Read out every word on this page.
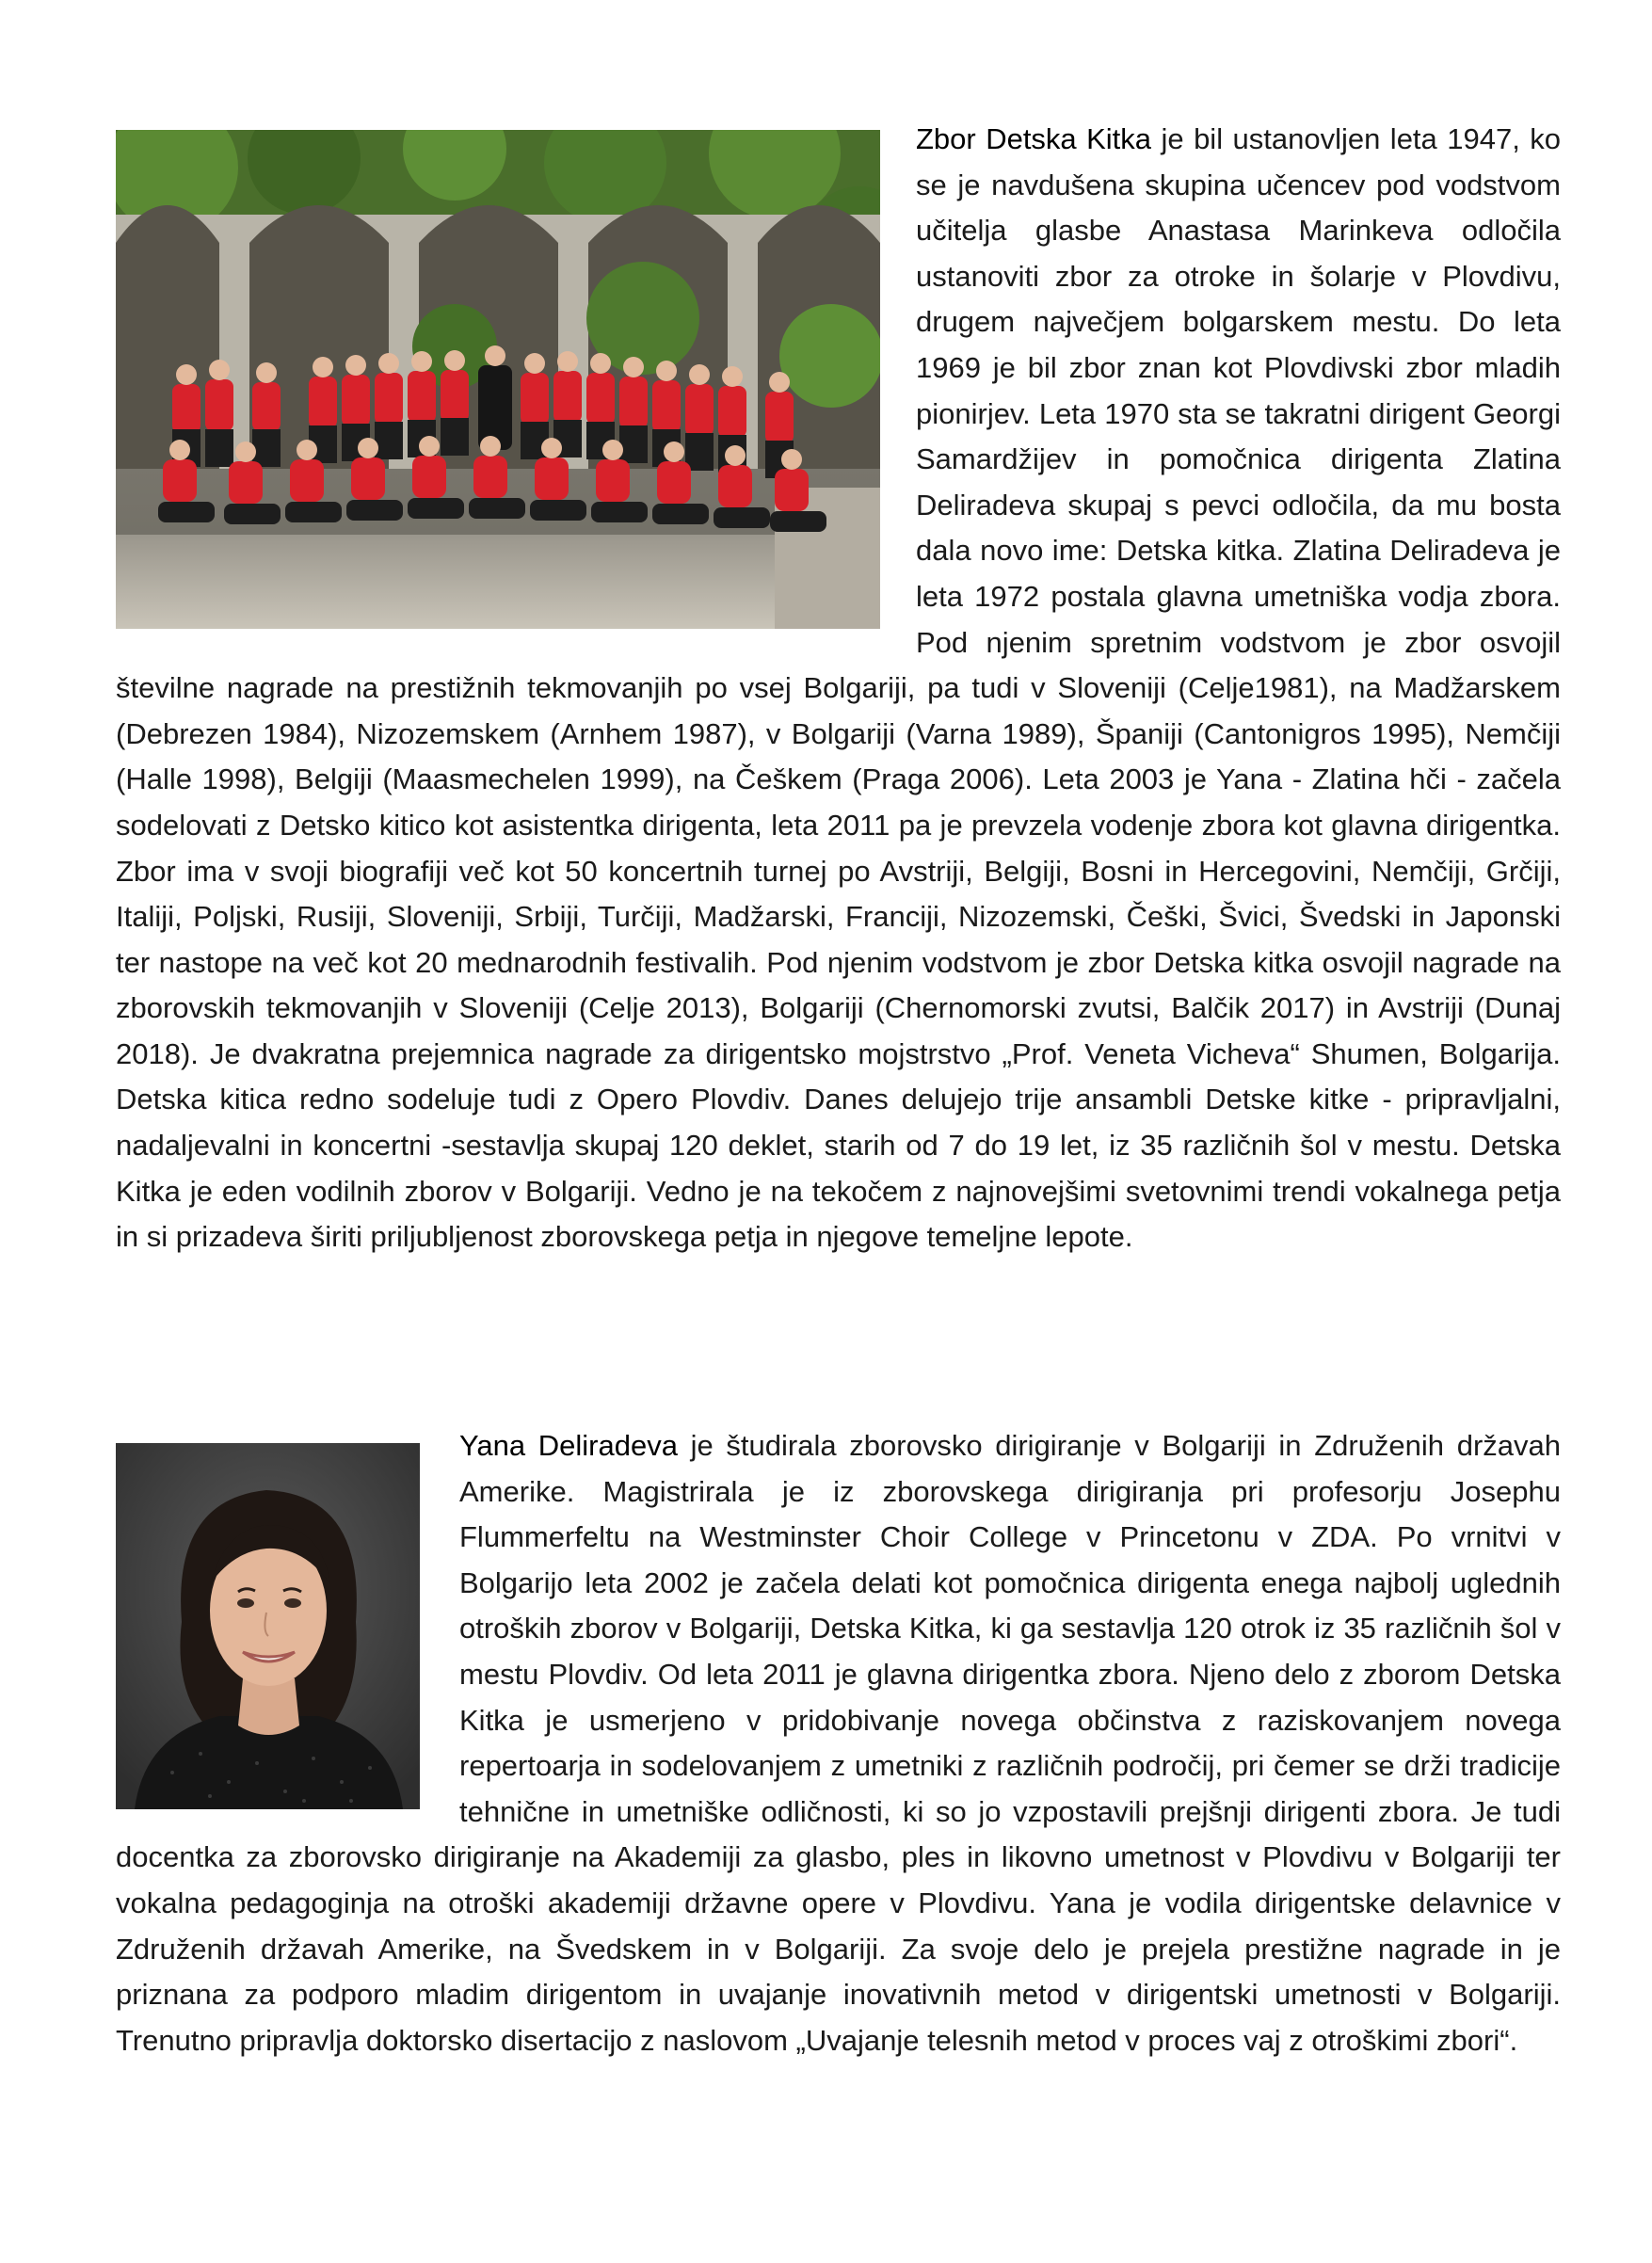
Zbor Detska Kitka je bil ustanovljen leta 1947, ko se je navdušena skupina učencev pod vodstvom učitelja glasbe Anastasa Marinkeva odločila ustanoviti zbor za otroke in šolarje v Plovdivu, drugem največjem bolgarskem mestu. Do leta 1969 je bil zbor znan kot Plovdivski zbor mladih pionirjev. Leta 1970 sta se takratni dirigent Georgi Samardžijev in pomočnica dirigenta Zlatina Deliradeva skupaj s pevci odločila, da mu bosta dala novo ime: Detska kitka. Zlatina Deliradeva je leta 1972 postala glavna umetniška vodja zbora. Pod njenim spretnim vodstvom je zbor osvojil številne nagrade na prestižnih tekmovanjih po vsej Bolgariji, pa tudi v Sloveniji (Celje1981), na Madžarskem (Debrezen 1984), Nizozemskem (Arnhem 1987), v Bolgariji (Varna 1989), Španiji (Cantonigros 1995), Nemčiji (Halle 1998), Belgiji (Maasmechelen 1999), na Češkem (Praga 2006). Leta 2003 je Yana - Zlatina hči - začela sodelovati z Detsko kitico kot asistentka dirigenta, leta 2011 pa je prevzela vodenje zbora kot glavna dirigentka. Zbor ima v svoji biografiji več kot 50 koncertnih turnej po Avstriji, Belgiji, Bosni in Hercegovini, Nemčiji, Grčiji, Italiji, Poljski, Rusiji, Sloveniji, Srbiji, Turčiji, Madžarski, Franciji, Nizozemski, Češki, Švici, Švedski in Japonski ter nastope na več kot 20 mednarodnih festivalih. Pod njenim vodstvom je zbor Detska kitka osvojil nagrade na zborovskih tekmovanjih v Sloveniji (Celje 2013), Bolgariji (Chernomorski zvutsi, Balčik 2017) in Avstriji (Dunaj 2018). Je dvakratna prejemnica nagrade za dirigentsko mojstrstvo „Prof. Veneta Vicheva“ Shumen, Bolgarija. Detska kitica redno sodeluje tudi z Opero Plovdiv. Danes delujejo trije ansambli Detske kitke - pripravljalni, nadaljevalni in koncertni -sestavlja skupaj 120 deklet, starih od 7 do 19 let, iz 35 različnih šol v mestu. Detska Kitka je eden vodilnih zborov v Bolgariji. Vedno je na tekočem z najnovejšimi svetovnimi trendi vokalnega petja in si prizadeva širiti priljubljenost zborovskega petja in njegove temeljne lepote.

Yana Deliradeva je študirala zborovsko dirigiranje v Bolgariji in Združenih državah Amerike. Magistrirala je iz zborovskega dirigiranja pri profesorju Josephu Flummerfeltu na Westminster Choir College v Princetonu v ZDA. Po vrnitvi v Bolgarijo leta 2002 je začela delati kot pomočnica dirigenta enega najbolj uglednih otroških zborov v Bolgariji, Detska Kitka, ki ga sestavlja 120 otrok iz 35 različnih šol v mestu Plovdiv. Od leta 2011 je glavna dirigentka zbora. Njeno delo z zborom Detska Kitka je usmerjeno v pridobivanje novega občinstva z raziskovanjem novega repertoarja in sodelovanjem z umetniki z različnih področij, pri čemer se drži tradicije tehnične in umetniške odličnosti, ki so jo vzpostavili prejšnji dirigenti zbora. Je tudi docentka za zborovsko dirigiranje na Akademiji za glasbo, ples in likovno umetnost v Plovdivu v Bolgariji ter vokalna pedagoginja na otroški akademiji državne opere v Plovdivu. Yana je vodila dirigentske delavnice v Združenih državah Amerike, na Švedskem in v Bolgariji. Za svoje delo je prejela prestižne nagrade in je priznana za podporo mladim dirigentom in uvajanje inovativnih metod v dirigentski umetnosti v Bolgariji. Trenutno pripravlja doktorsko disertacijo z naslovom „Uvajanje telesnih metod v proces vaj z otroškimi zbori“.
